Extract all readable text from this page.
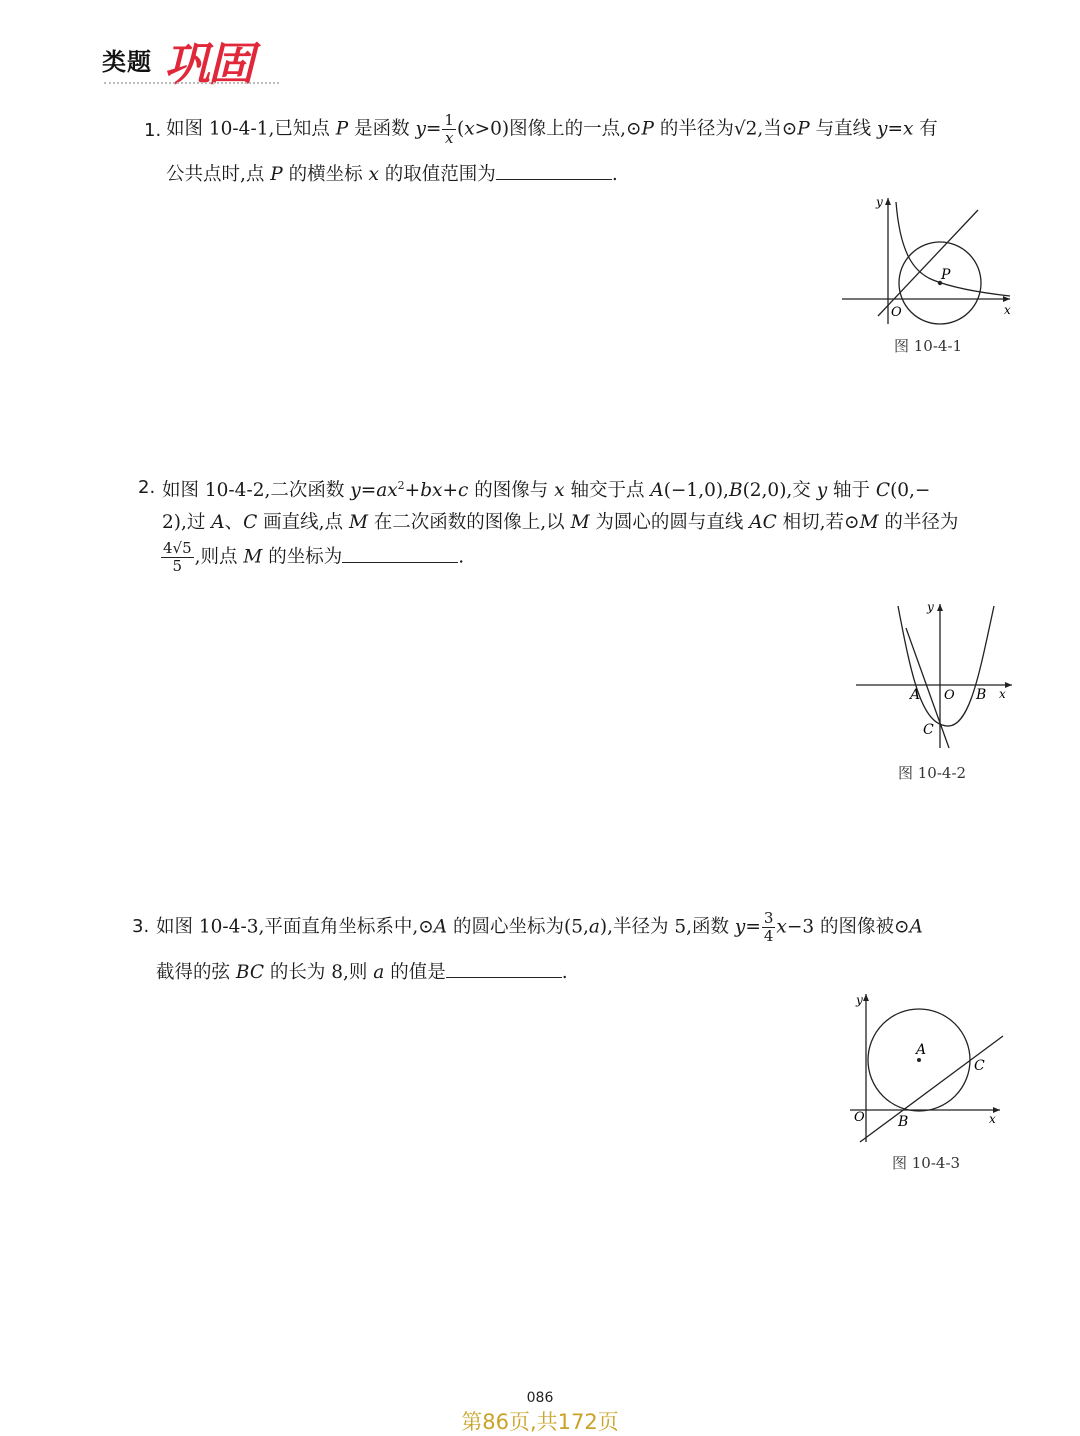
类题 巩固
1. 如图 10-4-1,已知点 P 是函数 $y= \frac{1}{x} (x>0)$图像上的一点,⊙P 的半径为√2,当⊙P 与直线 y=x 有
公共点时,点 P 的横坐标 x 的取值范围为	.
y
x
O
P
图 10-4-1
2. 如图 10-4-2,二次函数 $y=ax^2+bx+c$ 的图像与 x 轴交于点 A(−1,0),B(2,0),交 y 轴于 C(0,−
2),过 A、C 画直线,点 M 在二次函数的图像上,以 M 为圆心的圆与直线 AC 相切,若⊙M 的半径为
$\frac{4√5}{5}$ ,则点 M 的坐标为	.
y
x
O
A	B
C
图 10-4-2
3. 如图 10-4-3,平面直角坐标系中,⊙A 的圆心坐标为(5,a),半径为 5,函数 $y= \frac{3}{4} x-3$ 的图像被⊙A
截得的弦 BC 的长为 8,则 a 的值是	.
y
x
O
A
B
C
图 10-4-3
086
第86页,共172页
